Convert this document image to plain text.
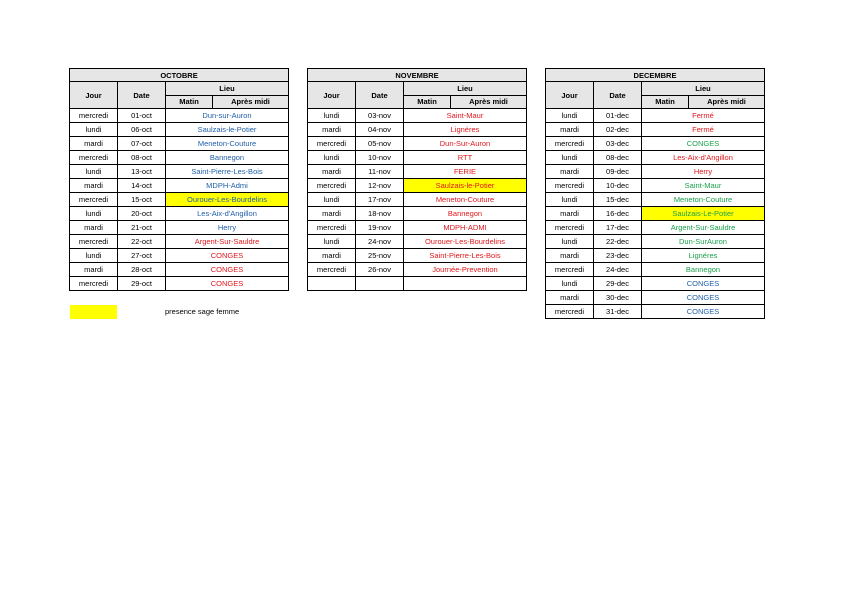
OCTOBRE		
Jour	Date	Lieu

		Matin Après midi

mercredi	01-oct	Dun-sur-Auron
lundi	06-oct	Saulzais-le-Potier
mardi	07-oct	Meneton-Couture
mercredi	08-oct	Bannegon
lundi	13-oct	Saint-Pierre-Les-Bois
mardi	14-oct	MDPH-Admi
mercredi	15-oct	Ourouer-Les-Bourdelins
lundi	20-oct	Les-Aix-d'Angillon
mardi	21-oct	Herry
mercredi	22-oct	Argent-Sur-Sauldre
lundi	27-oct	CONGES
mardi	28-oct	CONGES
mercredi	29-oct	CONGES
NOVEMBRE		
Jour	Date	Lieu

		Matin Après midi

lundi	03-nov	Saint-Maur
mardi	04-nov	Lignéres
mercredi	05-nov	Dun-Sur-Auron
lundi	10-nov	RTT
mardi	11-nov	FERIE
mercredi	12-nov	Saulzais-le-Potier
lundi	17-nov	Meneton-Couture
mardi	18-nov	Bannegon
mercredi	19-nov	MDPH-ADMI
lundi	24-nov	Ourouer-Les-Bourdelins
mardi	25-nov	Saint-Pierre-Les-Bois
mercredi	26-nov	Journée-Prevention

DECEMBRE		
Jour	Date	Lieu

		Matin Après midi

lundi	01-dec	Fermé
mardi	02-dec	Fermé
mercredi	03-dec	CONGES
lundi	08-dec	Les-Aix-d'Angillon
mardi	09-dec	Herry
mercredi	10-dec	Saint-Maur
lundi	15-dec	Meneton-Couture
mardi	16-dec	Saulzais-Le-Potier
mercredi	17-dec	Argent-Sur-Sauldre
lundi	22-dec	Dun-SurAuron
mardi	23-dec	Lignéres
mercredi	24-dec	Bannegon
lundi	29-dec	CONGES
mardi	30-dec	CONGES
mercredi	31-dec	CONGES
presence sage femme
